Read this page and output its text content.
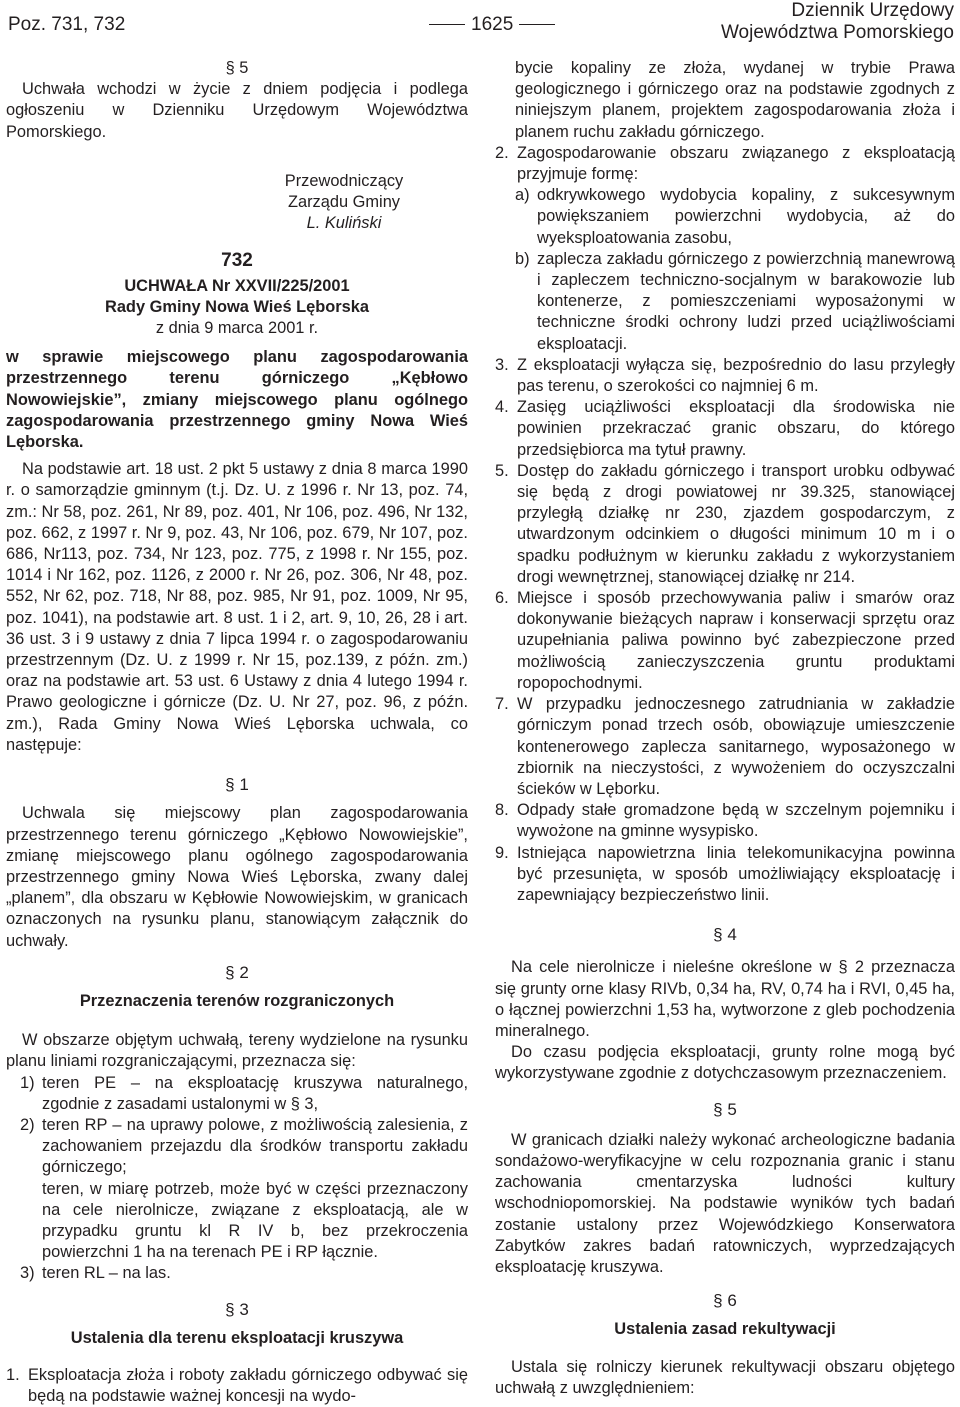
Poz. 731, 732	1625
Dziennik Urzędowy
Województwa Pomorskiego

§ 5

Uchwała wchodzi w życie z dniem podjęcia i podlega ogłoszeniu w Dzienniku Urzędowym Województwa Pomorskiego.

Przewodniczący
Zarządu Gminy
L. Kuliński
732

UCHWAŁA Nr XXVII/225/2001

Rady Gminy Nowa Wieś Lęborska

z dnia 9 marca 2001 r.

w sprawie miejscowego planu zagospodarowania przestrzennego terenu górniczego „Kębłowo Nowowiejskie”, zmiany miejscowego planu ogólnego zagospodarowania przestrzennego gminy Nowa Wieś Lęborska.

Na podstawie art. 18 ust. 2 pkt 5 ustawy z dnia 8 marca 1990 r. o samorządzie gminnym (t.j. Dz. U. z 1996 r. Nr 13, poz. 74, zm.: Nr 58, poz. 261, Nr 89, poz. 401, Nr 106, poz. 496, Nr 132, poz. 662, z 1997 r. Nr 9, poz. 43, Nr 106, poz. 679, Nr 107, poz. 686, Nr113, poz. 734, Nr 123, poz. 775, z 1998 r. Nr 155, poz. 1014 i Nr 162, poz. 1126, z 2000 r. Nr 26, poz. 306, Nr 48, poz. 552, Nr 62, poz. 718, Nr 88, poz. 985, Nr 91, poz. 1009, Nr 95, poz. 1041), na podstawie art. 8 ust. 1 i 2, art. 9, 10, 26, 28 i art. 36 ust. 3 i 9 ustawy z dnia 7 lipca 1994 r. o zagospodarowaniu przestrzennym (Dz. U. z 1999 r. Nr 15, poz.139, z późn. zm.) oraz na podstawie art. 53 ust. 6 Ustawy z dnia 4 lutego 1994 r. Prawo geologiczne i górnicze (Dz. U. Nr 27, poz. 96, z późn. zm.), Rada Gminy Nowa Wieś Lęborska uchwala, co następuje:

§ 1

Uchwala się miejscowy plan zagospodarowania przestrzennego terenu górniczego „Kębłowo Nowowiejskie”, zmianę miejscowego planu ogólnego zagospodarowania przestrzennego gminy Nowa Wieś Lęborska, zwany dalej „planem”, dla obszaru w Kębłowie Nowowiejskim, w granicach oznaczonych na rysunku planu, stanowiącym załącznik do uchwały.

§ 2

Przeznaczenia terenów rozgraniczonych

W obszarze objętym uchwałą, tereny wydzielone na rysunku planu liniami rozgraniczającymi, przeznacza się:

1) teren PE – na eksploatację kruszywa naturalnego, zgodnie z zasadami ustalonymi w § 3,
2) teren RP – na uprawy polowe, z możliwością zalesienia, z zachowaniem przejazdu dla środków transportu zakładu górniczego;
teren, w miarę potrzeb, może być w części przeznaczony na cele nierolnicze, związane z eksploatacją, ale w przypadku gruntu kl R IV b, bez przekroczenia powierzchni 1 ha na terenach PE i RP łącznie.
3) teren RL – na las.

§ 3

Ustalenia dla terenu eksploatacji kruszywa

1. Eksploatacja złoża i roboty zakładu górniczego odbywać się będą na podstawie ważnej koncesji na wydo-

bycie kopaliny ze złoża, wydanej w trybie Prawa geologicznego i górniczego oraz na podstawie zgodnych z niniejszym planem, projektem zagospodarowania złoża i planem ruchu zakładu górniczego.

2. Zagospodarowanie obszaru związanego z eksploatacją przyjmuje formę:
a) odkrywkowego wydobycia kopaliny, z sukcesywnym powiększaniem powierzchni wydobycia, aż do wyeksploatowania zasobu,
b) zaplecza zakładu górniczego z powierzchnią manewrową i zapleczem techniczno-socjalnym w barakowozie lub kontenerze, z pomieszczeniami wyposażonymi w techniczne środki ochrony ludzi przed uciążliwościami eksploatacji.
3. Z eksploatacji wyłącza się, bezpośrednio do lasu przyległy pas terenu, o szerokości co najmniej 6 m.
4. Zasięg uciążliwości eksploatacji dla środowiska nie powinien przekraczać granic obszaru, do którego przedsiębiorca ma tytuł prawny.
5. Dostęp do zakładu górniczego i transport urobku odbywać się będą z drogi powiatowej nr 39.325, stanowiącej przyległą działkę nr 230, zjazdem gospodarczym, z utwardzonym odcinkiem o długości minimum 10 m i o spadku podłużnym w kierunku zakładu z wykorzystaniem drogi wewnętrznej, stanowiącej działkę nr 214.
6. Miejsce i sposób przechowywania paliw i smarów oraz dokonywanie bieżących napraw i konserwacji sprzętu oraz uzupełniania paliwa powinno być zabezpieczone przed możliwością zanieczyszczenia gruntu produktami ropopochodnymi.
7. W przypadku jednoczesnego zatrudniania w zakładzie górniczym ponad trzech osób, obowiązuje umieszczenie kontenerowego zaplecza sanitarnego, wyposażonego w zbiornik na nieczystości, z wywożeniem do oczyszczalni ścieków w Lęborku.
8. Odpady stałe gromadzone będą w szczelnym pojemniku i wywożone na gminne wysypisko.
9. Istniejąca napowietrzna linia telekomunikacyjna powinna być przesunięta, w sposób umożliwiający eksploatację i zapewniający bezpieczeństwo linii.

§ 4

Na cele nierolnicze i nieleśne określone w § 2 przeznacza się grunty orne klasy RIVb, 0,34 ha, RV, 0,74 ha i RVI, 0,45 ha, o łącznej powierzchni 1,53 ha, wytworzone z gleb pochodzenia mineralnego.

Do czasu podjęcia eksploatacji, grunty rolne mogą być wykorzystywane zgodnie z dotychczasowym przeznaczeniem.

§ 5

W granicach działki należy wykonać archeologiczne badania sondażowo-weryfikacyjne w celu rozpoznania granic i stanu zachowania cmentarzyska ludności kultury wschodniopomorskiej. Na podstawie wyników tych badań zostanie ustalony przez Wojewódzkiego Konserwatora Zabytków zakres badań ratowniczych, wyprzedzających eksploatację kruszywa.

§ 6

Ustalenia zasad rekultywacji

Ustala się rolniczy kierunek rekultywacji obszaru objętego uchwałą z uwzględnieniem:
